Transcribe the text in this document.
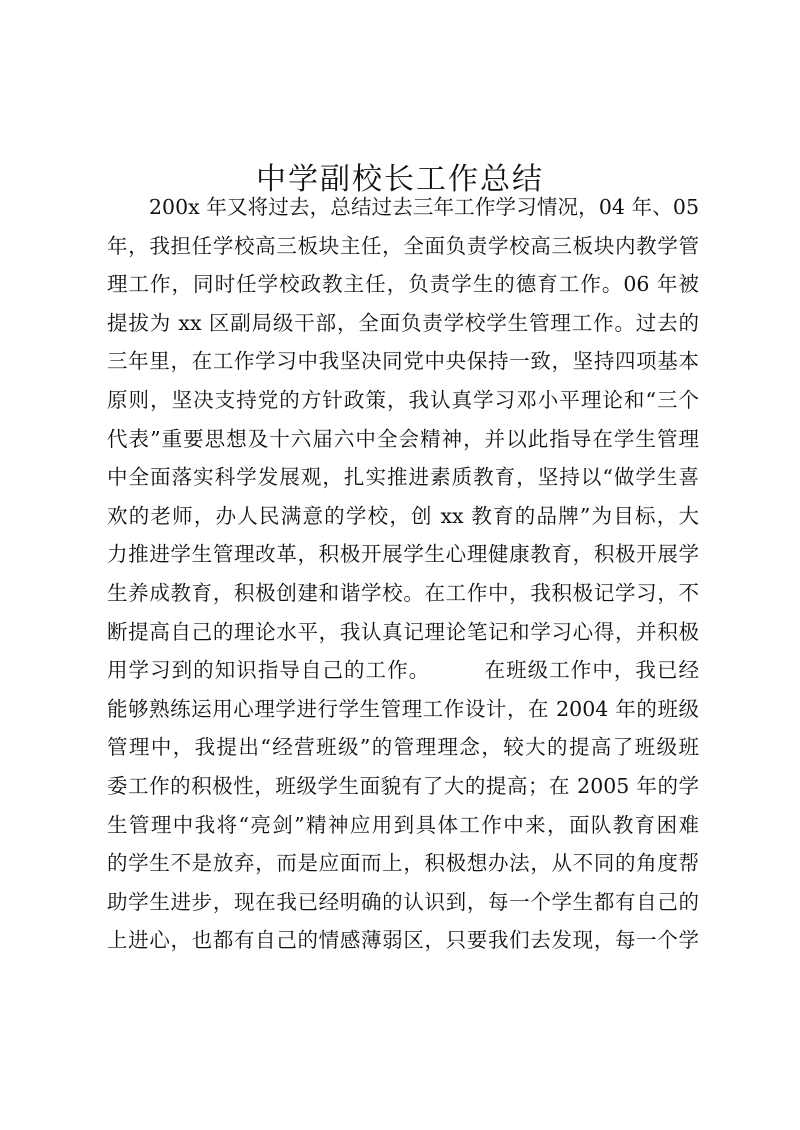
中学副校长工作总结
200x 年又将过去，总结过去三年工作学习情况，04 年、05
年，我担任学校高三板块主任，全面负责学校高三板块内教学管
理工作，同时任学校政教主任，负责学生的德育工作。06 年被
提拔为 xx 区副局级干部，全面负责学校学生管理工作。过去的
三年里，在工作学习中我坚决同党中央保持一致，坚持四项基本
原则，坚决支持党的方针政策，我认真学习邓小平理论和“三个
代表”重要思想及十六届六中全会精神，并以此指导在学生管理
中全面落实科学发展观，扎实推进素质教育，坚持以“做学生喜
欢的老师，办人民满意的学校，创 xx 教育的品牌”为目标，大
力推进学生管理改革，积极开展学生心理健康教育，积极开展学
生养成教育，积极创建和谐学校。在工作中，我积极记学习，不
断提高自己的理论水平，我认真记理论笔记和学习心得，并积极
用学习到的知识指导自己的工作。　　　在班级工作中，我已经
能够熟练运用心理学进行学生管理工作设计，在 2004 年的班级
管理中，我提出“经营班级”的管理理念，较大的提高了班级班
委工作的积极性，班级学生面貌有了大的提高；在 2005 年的学
生管理中我将“亮剑”精神应用到具体工作中来，面队教育困难
的学生不是放弃，而是应面而上，积极想办法，从不同的角度帮
助学生进步，现在我已经明确的认识到，每一个学生都有自己的
上进心，也都有自己的情感薄弱区，只要我们去发现，每一个学
